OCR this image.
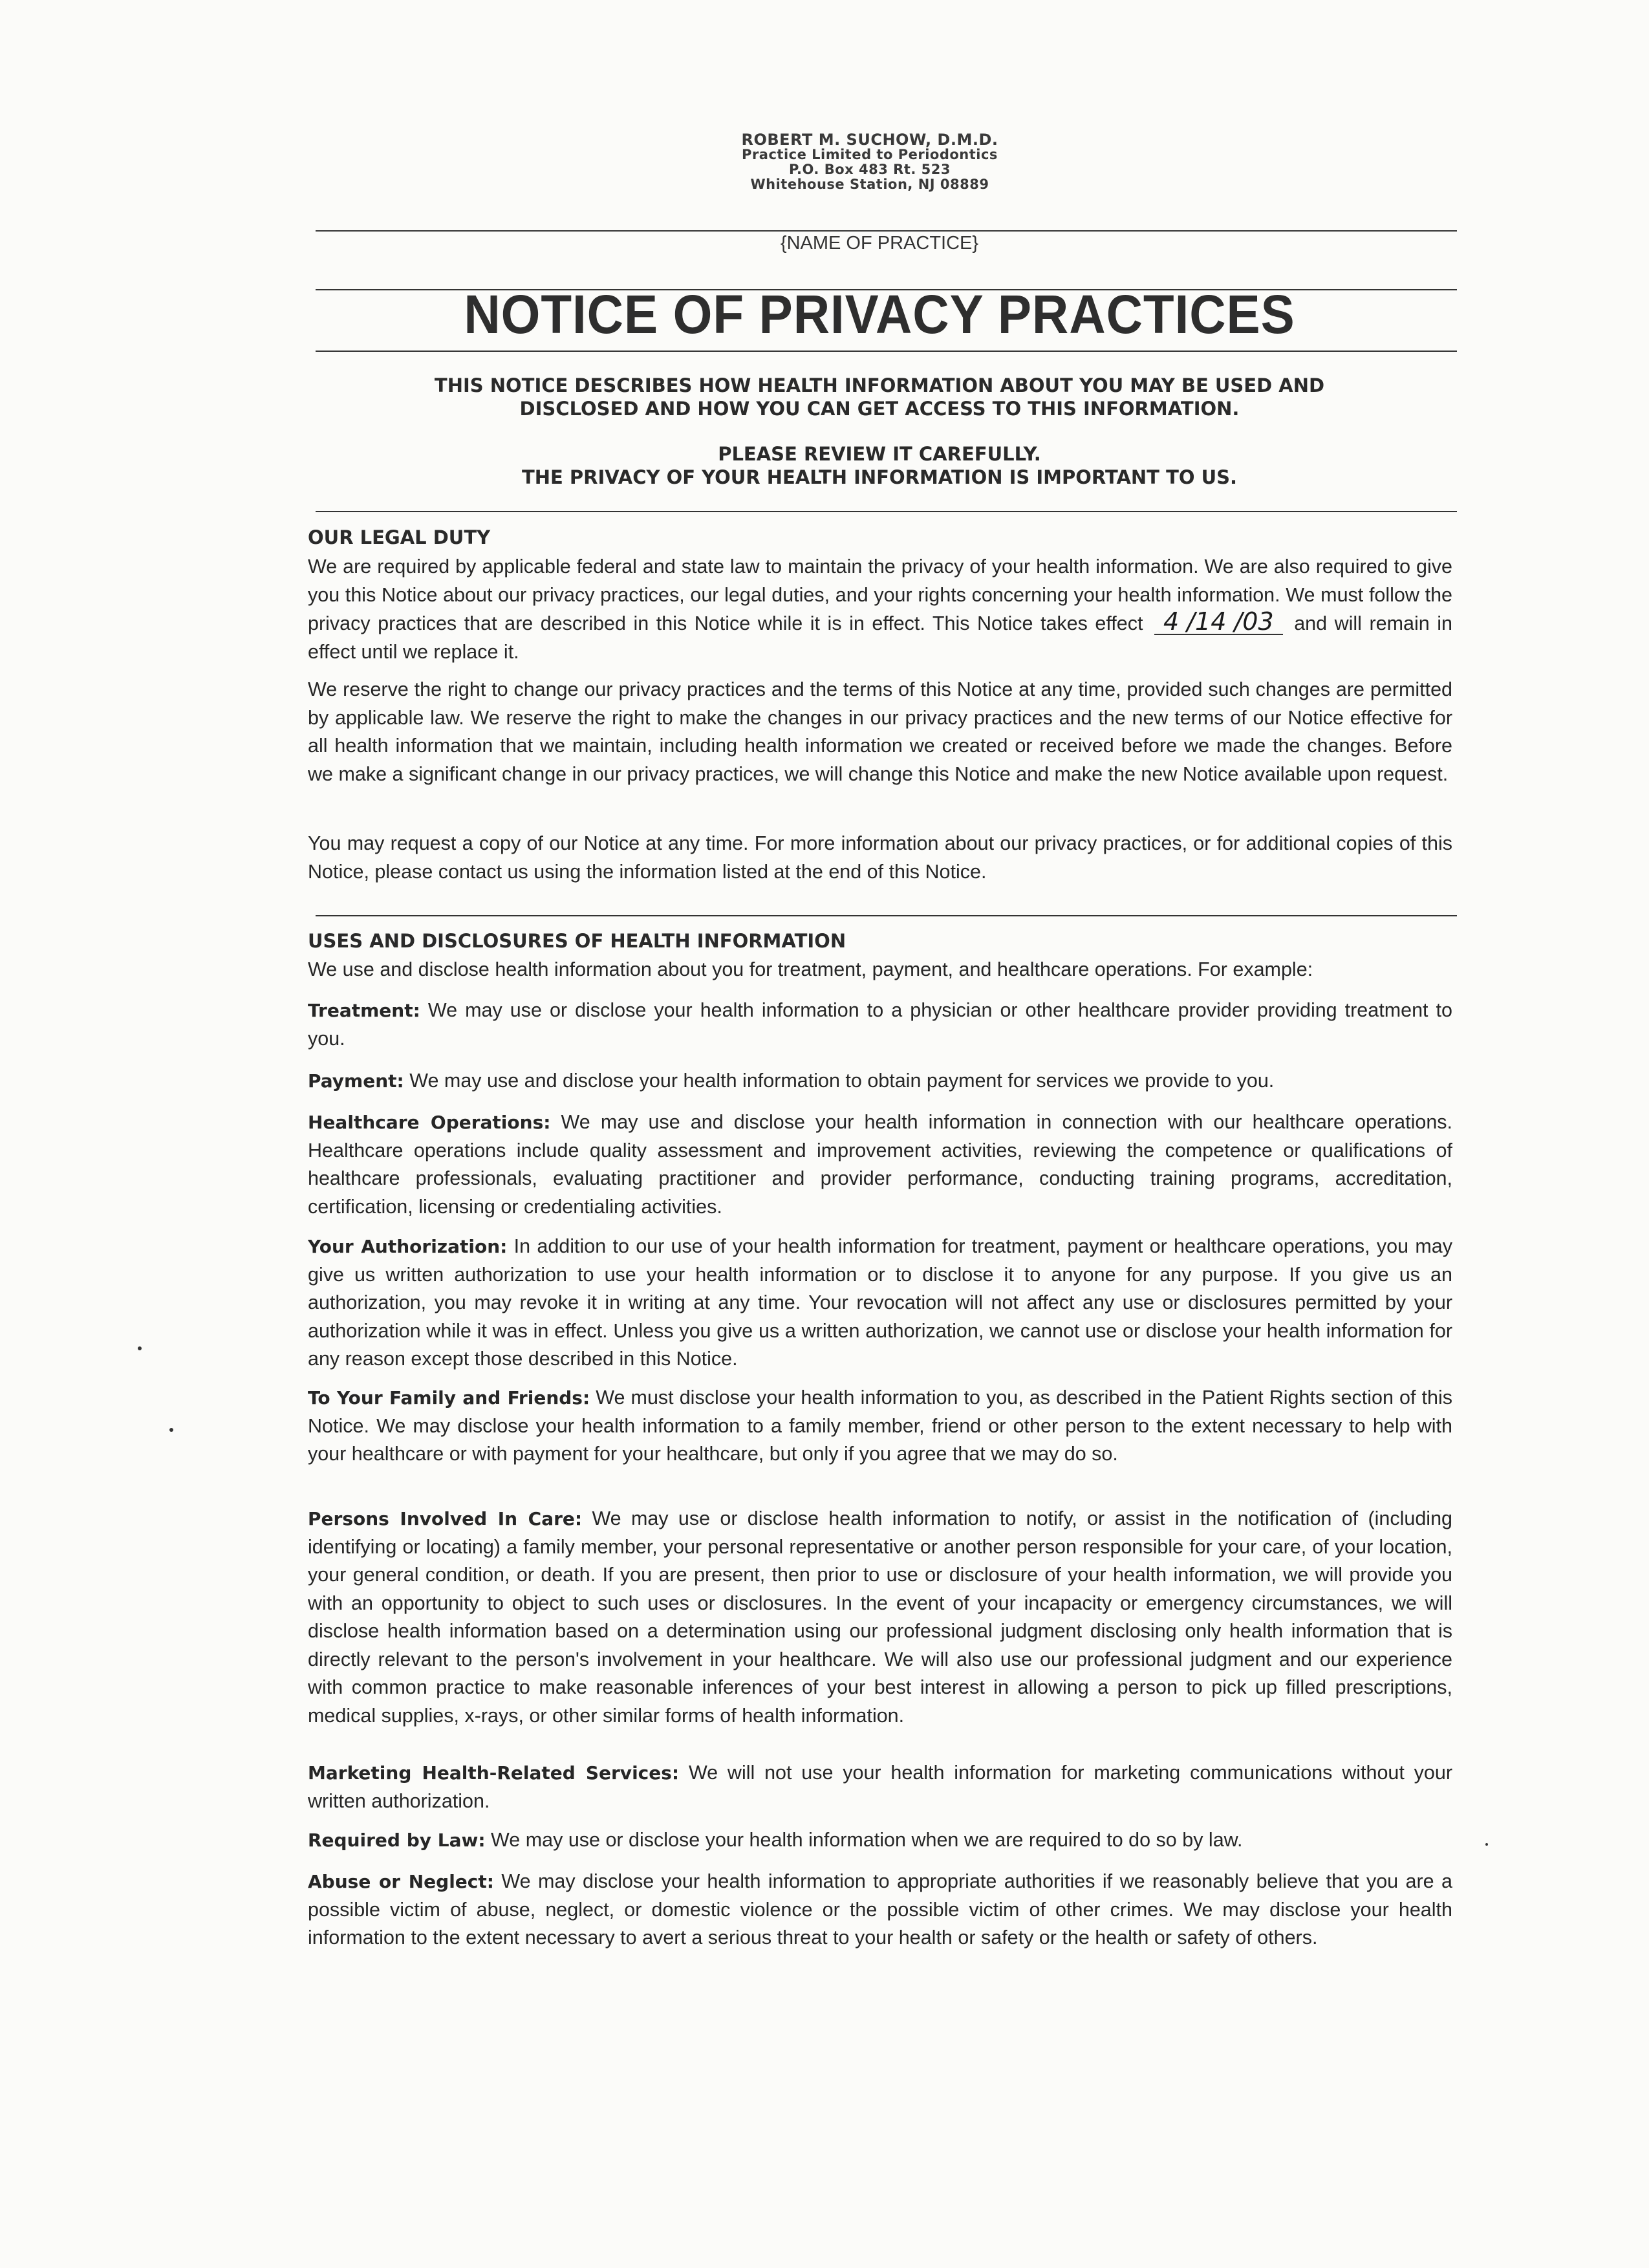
ROBERT M. SUCHOW, D.M.D.
Practice Limited to Periodontics
P.O. Box 483 Rt. 523
Whitehouse Station, NJ 08889
{NAME OF PRACTICE}
NOTICE OF PRIVACY PRACTICES
THIS NOTICE DESCRIBES HOW HEALTH INFORMATION ABOUT YOU MAY BE USED AND
DISCLOSED AND HOW YOU CAN GET ACCESS TO THIS INFORMATION.
PLEASE REVIEW IT CAREFULLY.
THE PRIVACY OF YOUR HEALTH INFORMATION IS IMPORTANT TO US.
OUR LEGAL DUTY
We are required by applicable federal and state law to maintain the privacy of your health information. We are also required to give you this Notice about our privacy practices, our legal duties, and your rights concerning your health information. We must follow the privacy practices that are described in this Notice while it is in effect. This Notice takes effect 4 /14 /03 and will remain in effect until we replace it.
We reserve the right to change our privacy practices and the terms of this Notice at any time, provided such changes are permitted by applicable law. We reserve the right to make the changes in our privacy practices and the new terms of our Notice effective for all health information that we maintain, including health information we created or received before we made the changes. Before we make a significant change in our privacy practices, we will change this Notice and make the new Notice available upon request.
You may request a copy of our Notice at any time. For more information about our privacy practices, or for additional copies of this Notice, please contact us using the information listed at the end of this Notice.
USES AND DISCLOSURES OF HEALTH INFORMATION
We use and disclose health information about you for treatment, payment, and healthcare operations. For example:
Treatment: We may use or disclose your health information to a physician or other healthcare provider providing treatment to you.
Payment: We may use and disclose your health information to obtain payment for services we provide to you.
Healthcare Operations: We may use and disclose your health information in connection with our healthcare operations. Healthcare operations include quality assessment and improvement activities, reviewing the competence or qualifications of healthcare professionals, evaluating practitioner and provider performance, conducting training programs, accreditation, certification, licensing or credentialing activities.
Your Authorization: In addition to our use of your health information for treatment, payment or healthcare operations, you may give us written authorization to use your health information or to disclose it to anyone for any purpose. If you give us an authorization, you may revoke it in writing at any time. Your revocation will not affect any use or disclosures permitted by your authorization while it was in effect. Unless you give us a written authorization, we cannot use or disclose your health information for any reason except those described in this Notice.
To Your Family and Friends: We must disclose your health information to you, as described in the Patient Rights section of this Notice. We may disclose your health information to a family member, friend or other person to the extent necessary to help with your healthcare or with payment for your healthcare, but only if you agree that we may do so.
Persons Involved In Care: We may use or disclose health information to notify, or assist in the notification of (including identifying or locating) a family member, your personal representative or another person responsible for your care, of your location, your general condition, or death. If you are present, then prior to use or disclosure of your health information, we will provide you with an opportunity to object to such uses or disclosures. In the event of your incapacity or emergency circumstances, we will disclose health information based on a determination using our professional judgment disclosing only health information that is directly relevant to the person's involvement in your healthcare. We will also use our professional judgment and our experience with common practice to make reasonable inferences of your best interest in allowing a person to pick up filled prescriptions, medical supplies, x-rays, or other similar forms of health information.
Marketing Health-Related Services: We will not use your health information for marketing communications without your written authorization.
Required by Law: We may use or disclose your health information when we are required to do so by law.
Abuse or Neglect: We may disclose your health information to appropriate authorities if we reasonably believe that you are a possible victim of abuse, neglect, or domestic violence or the possible victim of other crimes. We may disclose your health information to the extent necessary to avert a serious threat to your health or safety or the health or safety of others.
